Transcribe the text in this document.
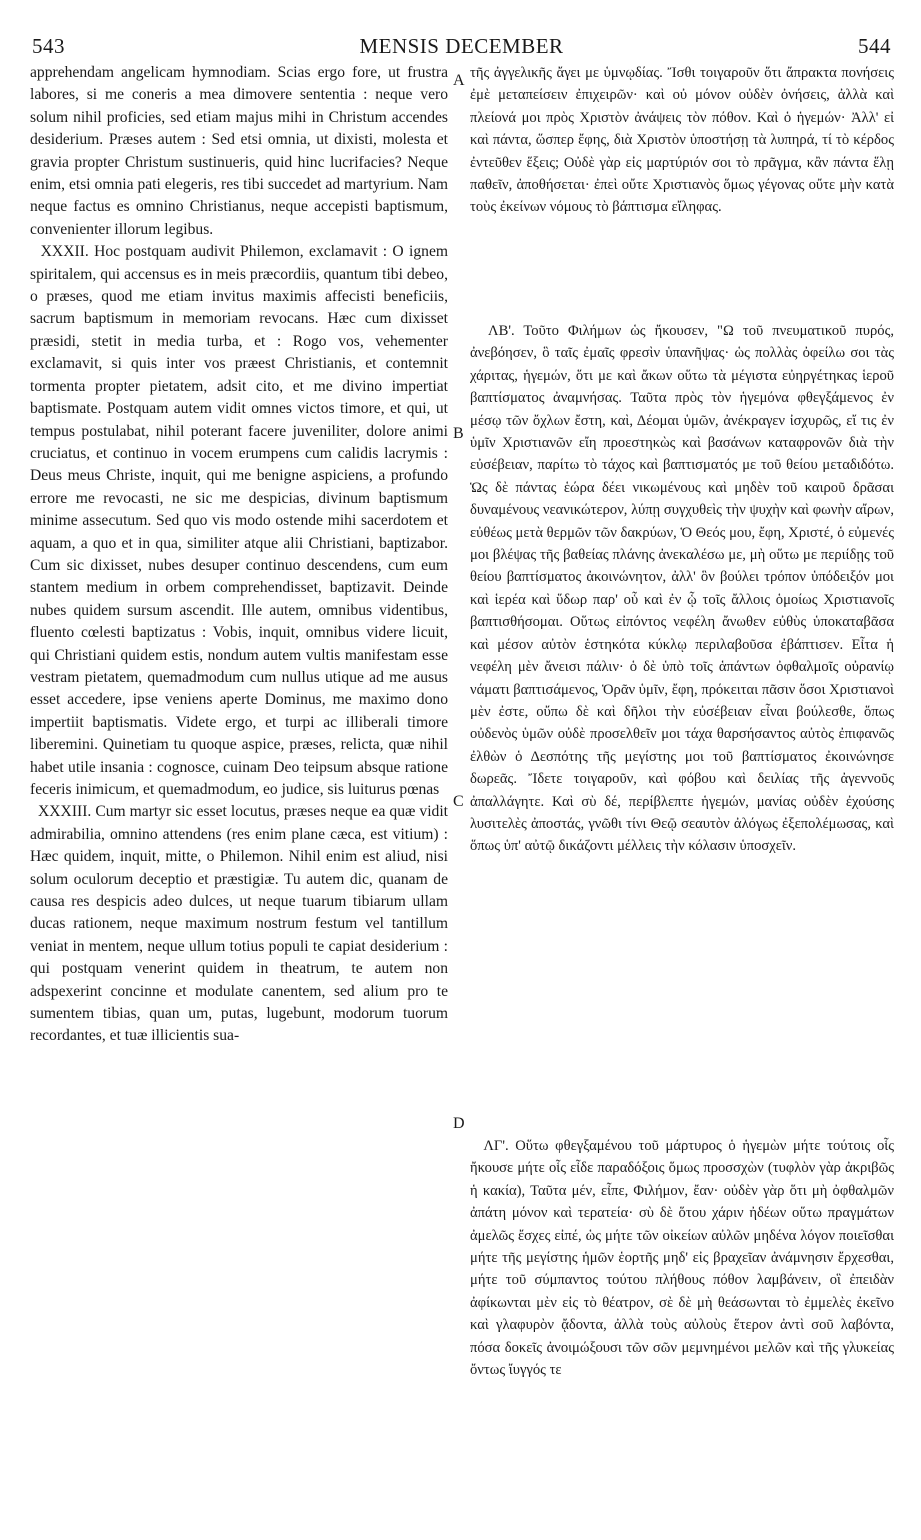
543	MENSIS DECEMBER	544
A
B
C
D

apprehendam angelicam hymnodiam. Scias ergo fore, ut frustra labores, si me coneris a mea dimovere sententia : neque vero solum nihil proficies, sed etiam majus mihi in Christum accendes desiderium. Præses autem : Sed etsi omnia, ut dixisti, molesta et gravia propter Christum sustinueris, quid hinc lucrifacies? Neque enim, etsi omnia pati elegeris, res tibi succedet ad martyrium. Nam neque factus es omnino Christianus, neque accepisti baptismum, convenienter illorum legibus.

XXXII. Hoc postquam audivit Philemon, exclamavit : O ignem spiritalem, qui accensus es in meis præcordiis, quantum tibi debeo, o præses, quod me etiam invitus maximis affecisti beneficiis, sacrum baptismum in memoriam revocans. Hæc cum dixisset præsidi, stetit in media turba, et : Rogo vos, vehementer exclamavit, si quis inter vos præest Christianis, et contemnit tormenta propter pietatem, adsit cito, et me divino impertiat baptismate. Postquam autem vidit omnes victos timore, et qui, ut tempus postulabat, nihil poterant facere juveniliter, dolore animi cruciatus, et continuo in vocem erumpens cum calidis lacrymis : Deus meus Christe, inquit, qui me benigne aspiciens, a profundo errore me revocasti, ne sic me despicias, divinum baptismum minime assecutum. Sed quo vis modo ostende mihi sacerdotem et aquam, a quo et in qua, similiter atque alii Christiani, baptizabor. Cum sic dixisset, nubes desuper continuo descendens, cum eum stantem medium in orbem comprehendisset, baptizavit. Deinde nubes quidem sursum ascendit. Ille autem, omnibus videntibus, fluento cœlesti baptizatus : Vobis, inquit, omnibus videre licuit, qui Christiani quidem estis, nondum autem vultis manifestam esse vestram pietatem, quemadmodum cum nullus utique ad me ausus esset accedere, ipse veniens aperte Dominus, me maximo dono impertiit baptismatis. Videte ergo, et turpi ac illiberali timore liberemini. Quinetiam tu quoque aspice, præses, relicta, quæ nihil habet utile insania : cognosce, cuinam Deo teipsum absque ratione feceris inimicum, et quemadmodum, eo judice, sis luiturus pœnas

XXXIII. Cum martyr sic esset locutus, præses neque ea quæ vidit admirabilia, omnino attendens (res enim plane cæca, est vitium) : Hæc quidem, inquit, mitte, o Philemon. Nihil enim est aliud, nisi solum oculorum deceptio et præstigiæ. Tu autem dic, quanam de causa res despicis adeo dulces, ut neque tuarum tibiarum ullam ducas rationem, neque maximum nostrum festum vel tantillum veniat in mentem, neque ullum totius populi te capiat desiderium : qui postquam venerint quidem in theatrum, te autem non adspexerint concinne et modulate canentem, sed alium pro te sumentem tibias, quan um, putas, lugebunt, modorum tuorum recordantes, et tuæ illicientis sua-

τῆς ἀγγελικῆς ἄγει με ὑμνῳδίας. Ἴσθι τοιγαροῦν ὅτι ἄπρακτα πονήσεις ἐμὲ μεταπείσειν ἐπιχειρῶν· καὶ οὐ μόνον οὐδὲν ὀνήσεις, ἀλλὰ καὶ πλείονά μοι πρὸς Χριστὸν ἀνάψεις τὸν πόθον. Καὶ ὁ ἡγεμών· Ἀλλ' εἰ καὶ πάντα, ὥσπερ ἔφης, διὰ Χριστὸν ὑποστήσῃ τὰ λυπηρά, τί τὸ κέρδος ἐντεῦθεν ἕξεις; Οὐδὲ γὰρ εἰς μαρτύριόν σοι τὸ πρᾶγμα, κἂν πάντα ἕλῃ παθεῖν, ἀποθήσεται· ἐπεὶ οὔτε Χριστιανὸς ὅμως γέγονας οὔτε μὴν κατὰ τοὺς ἐκείνων νόμους τὸ βάπτισμα εἴληφας.

ΛΒ'. Τοῦτο Φιλήμων ὡς ἤκουσεν, "Ω τοῦ πνευματικοῦ πυρός, ἀνεβόησεν, ὃ ταῖς ἐμαῖς φρεσὶν ὑπανῆψας· ὡς πολλὰς ὀφείλω σοι τὰς χάριτας, ἡγεμών, ὅτι με καὶ ἄκων οὕτω τὰ μέγιστα εὐηργέτηκας ἱεροῦ βαπτίσματος ἀναμνήσας. Ταῦτα πρὸς τὸν ἡγεμόνα φθεγξάμενος ἐν μέσῳ τῶν ὄχλων ἔστη, καὶ, Δέομαι ὑμῶν, ἀνέκραγεν ἰσχυρῶς, εἴ τις ἐν ὑμῖν Χριστιανῶν εἴη προεστηκὼς καὶ βασάνων καταφρονῶν διὰ τὴν εὐσέβειαν, παρίτω τὸ τάχος καὶ βαπτισματός με τοῦ θείου μεταδιδότω. Ὡς δὲ πάντας ἑώρα δέει νικωμένους καὶ μηδὲν τοῦ καιροῦ δρᾶσαι δυναμένους νεανικώτερον, λύπῃ συγχυθεὶς τὴν ψυχὴν καὶ φωνὴν αἴρων, εὐθέως μετὰ θερμῶν τῶν δακρύων, Ὁ Θεός μου, ἔφη, Χριστέ, ὁ εὐμενές μοι βλέψας τῆς βαθείας πλάνης ἀνεκαλέσω με, μὴ οὕτω με περιίδῃς τοῦ θείου βαπτίσματος ἀκοινώνητον, ἀλλ' ὃν βούλει τρόπον ὑπόδειξόν μοι καὶ ἱερέα καὶ ὕδωρ παρ' οὗ καὶ ἐν ᾧ τοῖς ἄλλοις ὁμοίως Χριστιανοῖς βαπτισθήσομαι. Οὕτως εἰπόντος νεφέλη ἄνωθεν εὐθὺς ὑποκαταβᾶσα καὶ μέσον αὐτὸν ἑστηκότα κύκλῳ περιλαβοῦσα ἐβάπτισεν. Εἶτα ἡ νεφέλη μὲν ἄνεισι πάλιν· ὁ δὲ ὑπὸ τοῖς ἁπάντων ὀφθαλμοῖς οὐρανίῳ νάματι βαπτισάμενος, Ὁρᾶν ὑμῖν, ἔφη, πρόκειται πᾶσιν ὅσοι Χριστιανοὶ μὲν ἐστε, οὔπω δὲ καὶ δῆλοι τὴν εὐσέβειαν εἶναι βούλεσθε, ὅπως οὐδενὸς ὑμῶν οὐδὲ προσελθεῖν μοι τάχα θαρσήσαντος αὐτὸς ἐπιφανῶς ἐλθὼν ὁ Δεσπότης τῆς μεγίστης μοι τοῦ βαπτίσματος ἐκοινώνησε δωρεᾶς. Ἴδετε τοιγαροῦν, καὶ φόβου καὶ δειλίας τῆς ἀγεννοῦς ἀπαλλάγητε. Καὶ σὺ δέ, περίβλεπτε ἡγεμών, μανίας οὐδὲν ἐχούσης λυσιτελὲς ἀποστάς, γνῶθι τίνι Θεῷ σεαυτὸν ἀλόγως ἐξεπολέμωσας, καὶ ὅπως ὑπ' αὐτῷ δικάζοντι μέλλεις τὴν κόλασιν ὑποσχεῖν.

ΛΓ'. Οὕτω φθεγξαμένου τοῦ μάρτυρος ὁ ἡγεμὼν μήτε τούτοις οἷς ἤκουσε μήτε οἷς εἶδε παραδόξοις ὅμως προσσχὼν (τυφλὸν γὰρ ἀκριβῶς ἡ κακία), Ταῦτα μέν, εἶπε, Φιλήμον, ἔαν· οὐδὲν γὰρ ὅτι μὴ ὀφθαλμῶν ἀπάτη μόνον καὶ τερατεία· σὺ δὲ ὅτου χάριν ἠδέων οὕτω πραγμάτων ἀμελῶς ἔσχες εἰπέ, ὡς μήτε τῶν οἰκείων αὐλῶν μηδένα λόγον ποιεῖσθαι μήτε τῆς μεγίστης ἡμῶν ἑορτῆς μηδ' εἰς βραχεῖαν ἀνάμνησιν ἔρχεσθαι, μήτε τοῦ σύμπαντος τούτου πλήθους πόθον λαμβάνειν, οἳ ἐπειδὰν ἀφίκωνται μὲν εἰς τὸ θέατρον, σὲ δὲ μὴ θεάσωνται τὸ ἐμμελὲς ἐκεῖνο καὶ γλαφυρὸν ᾄδοντα, ἀλλὰ τοὺς αὐλοὺς ἕτερον ἀντὶ σοῦ λαβόντα, πόσα δοκεῖς ἀνοιμώξουσι τῶν σῶν μεμνημένοι μελῶν καὶ τῆς γλυκείας ὄντως ἴυγγός τε
